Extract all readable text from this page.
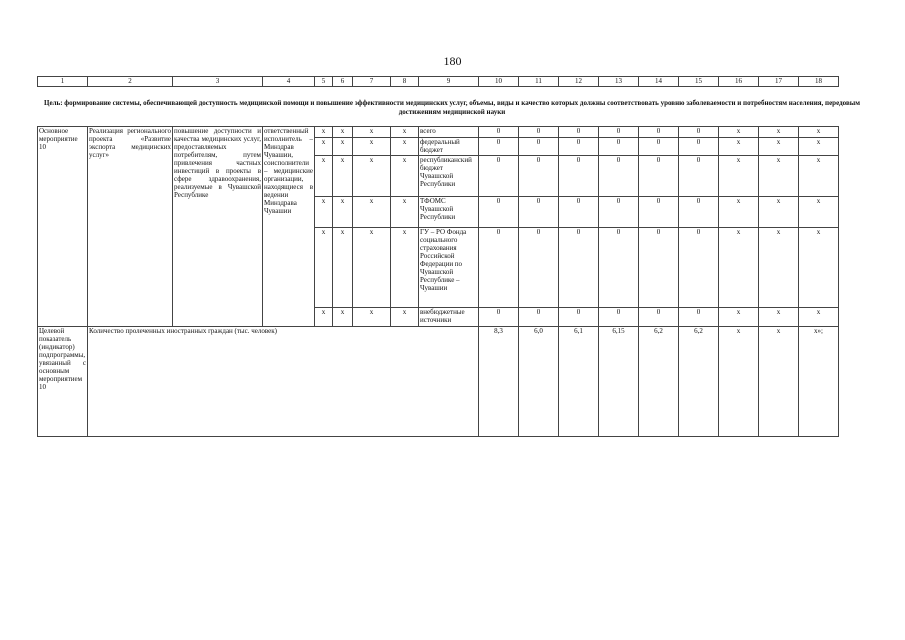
180
1	2	3	4	5	6	7	8	9	10	11	12	13	14	15	16	17	18
Цель: формирование системы, обеспечивающей доступность медицинской помощи и повышение эффективности медицинских услуг, объемы, виды и качество которых должны соответствовать уровню заболеваемости и потребностям населения, передовым достижениям медицинской науки
Основное мероприятие 10	Реализация регионального проекта «Развитие экспорта медицинских услуг»	повышение доступности и качества медицинских услуг, предоставляемых потребителям, путем привлечения частных инвестиций в проекты в сфере здравоохранения, реализуемые в Чувашской Республике	ответственный исполнитель – Минздрав Чувашии, соисполнители – медицинские организации, находящиеся в ведении Минздрава Чувашии	x	x	x	x	всего	0	0	0	0	0	0	x	x	x
				x	x	x	x	федеральный бюджет	0	0	0	0	0	0	x	x	x
				x	x	x	x	республиканский бюджет Чувашской Республики	0	0	0	0	0	0	x	x	x
				x	x	x	x	ТФОМС Чувашской Республики	0	0	0	0	0	0	x	x	x
				x	x	x	x	ГУ – РО Фонда социального страхования Российской Федерации по Чувашской Республике – Чувашии	0	0	0	0	0	0	x	x	x
				x	x	x	x	внебюджетные источники	0	0	0	0	0	0	x	x	x
Целевой показатель (индикатор) подпрограммы, увязанный с основным мероприятием 10	Количество пролеченных иностранных граждан (тыс. человек)								8,3	6,0	6,1	6,15	6,2	6,2	x	x	x»;
